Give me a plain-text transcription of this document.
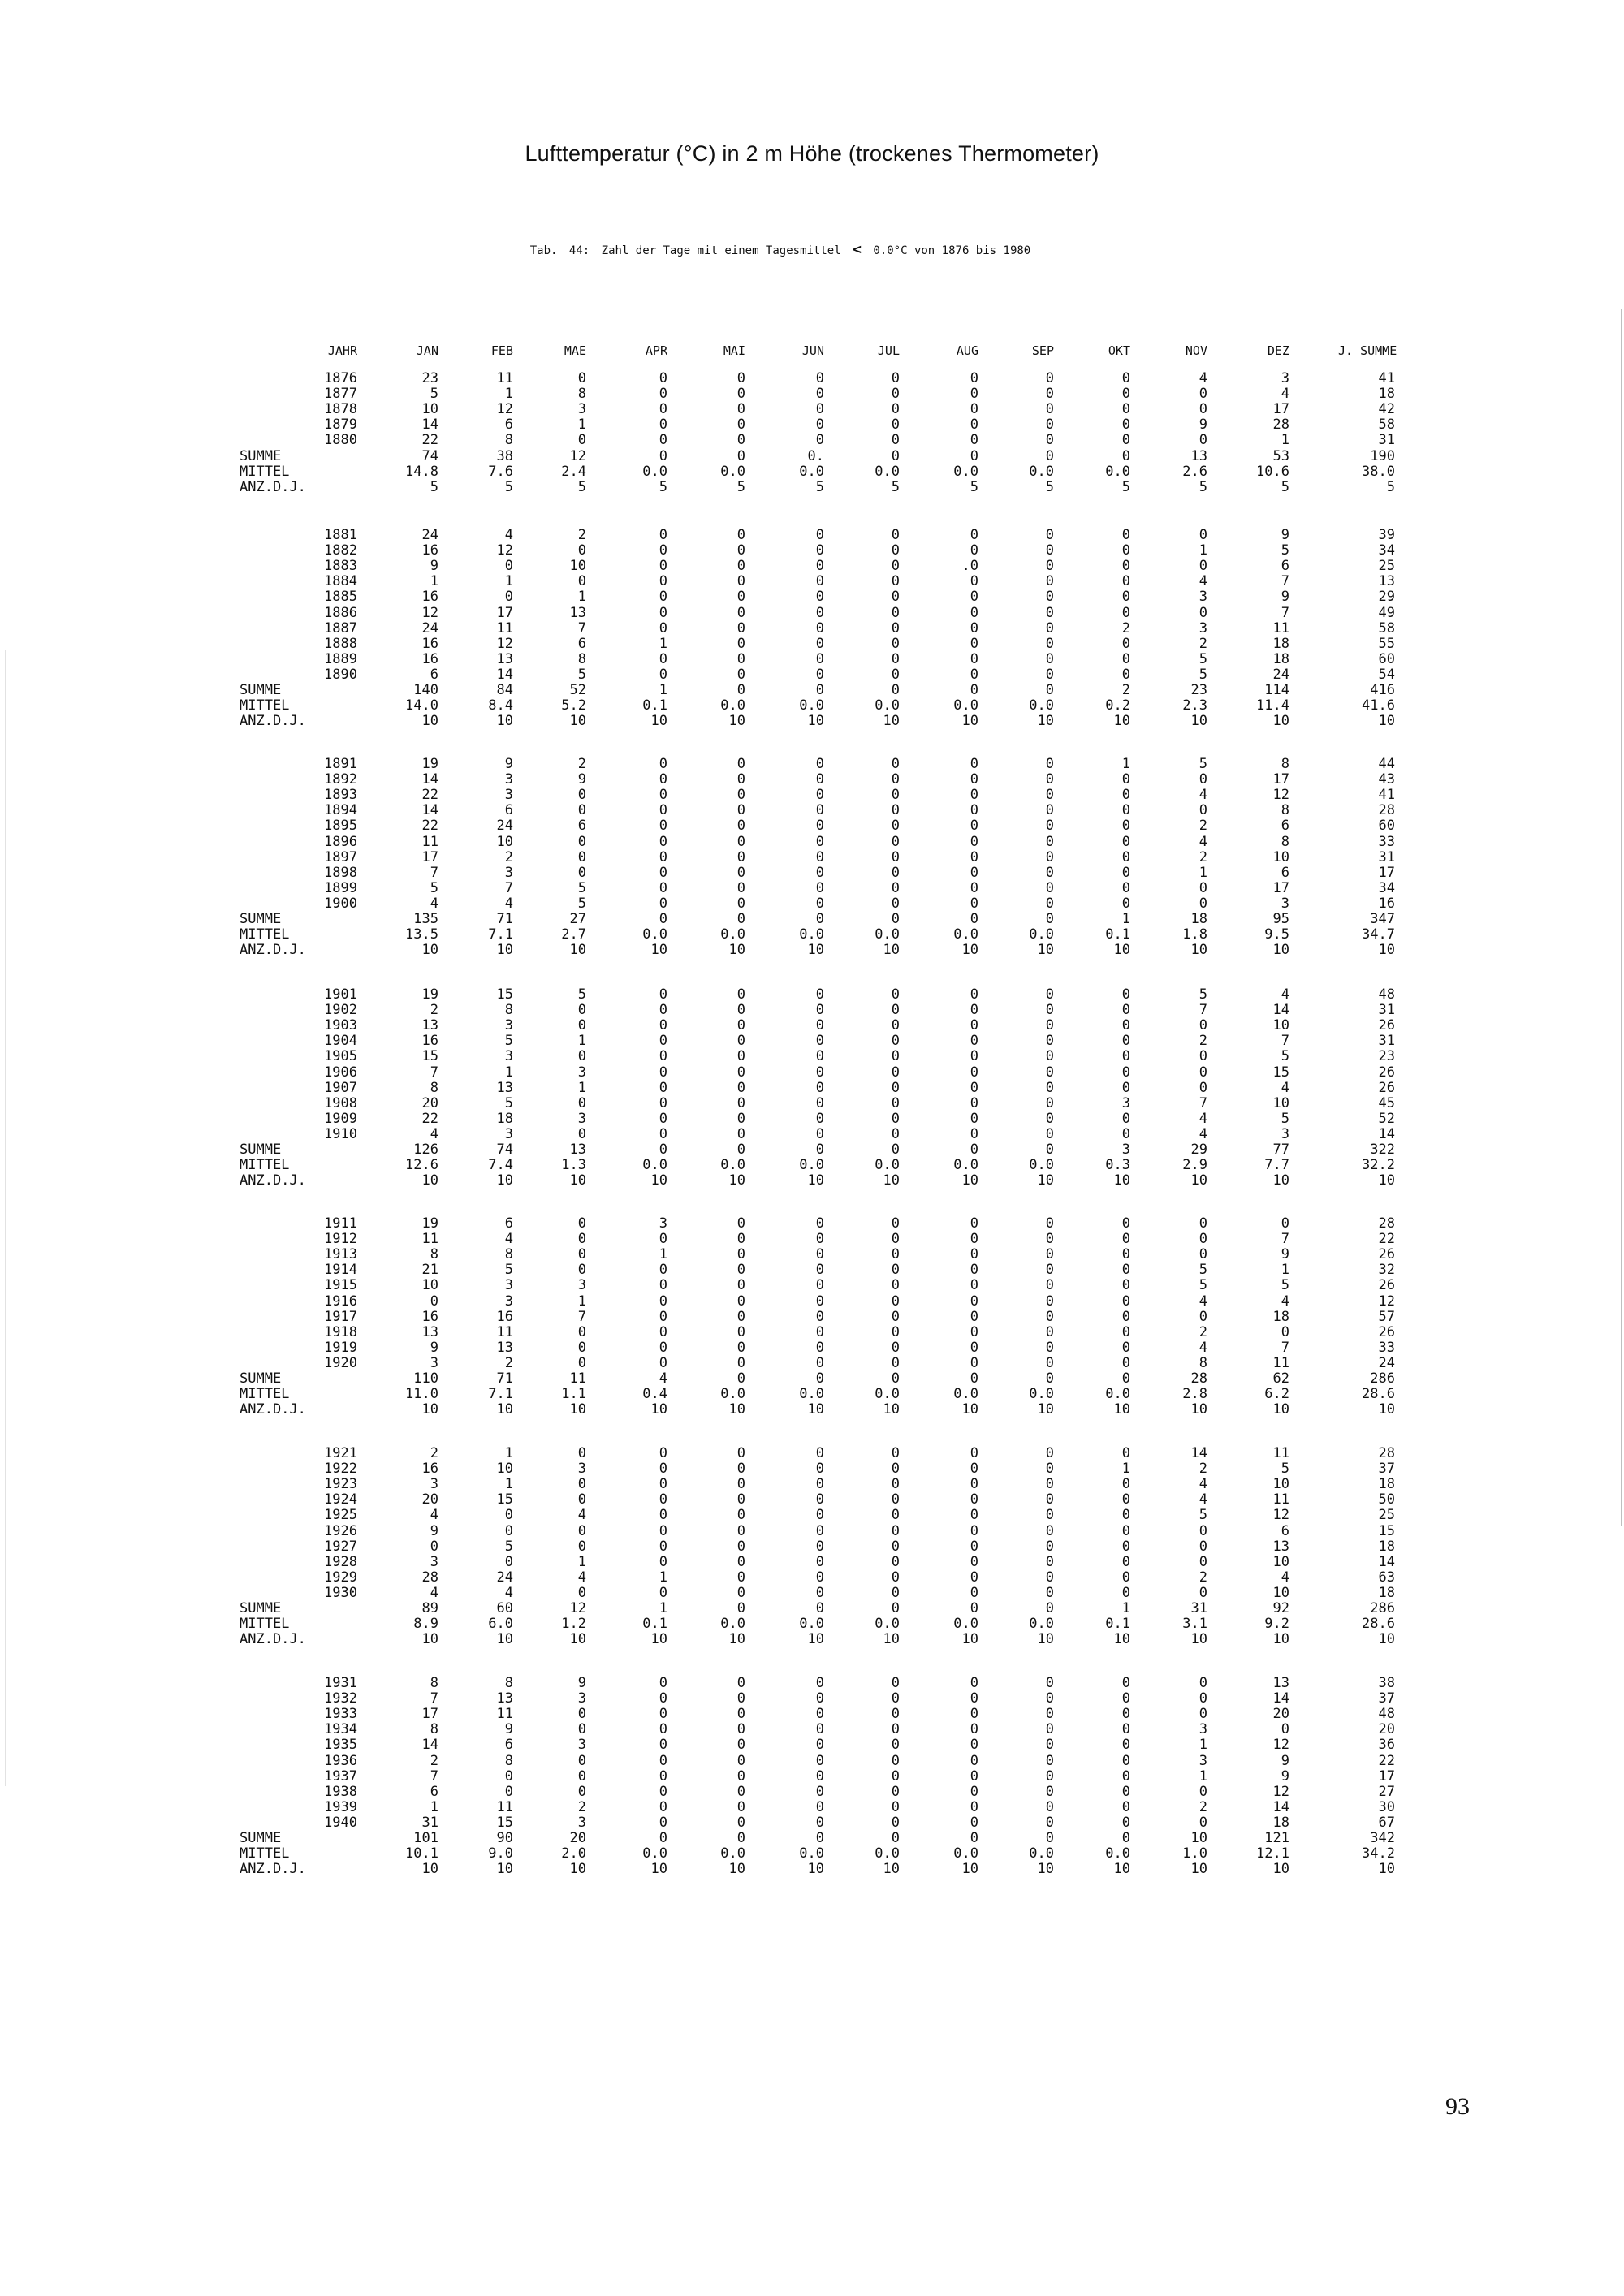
Lufttemperatur (°C) in 2 m Höhe (trockenes Thermometer)
Tab. 44: Zahl der Tage mit einem Tagesmittel < 0.0°C von 1876 bis 1980
JAHR	JAN	FEB	MAE	APR	MAI	JUN	JUL	AUG	SEP	OKT	NOV	DEZ	J. SUMME
1876	23	11	0	0	0	0	0	0	0	0	4	3	41
1877	5	1	8	0	0	0	0	0	0	0	0	4	18
1878	10	12	3	0	0	0	0	0	0	0	0	17	42
1879	14	6	1	0	0	0	0	0	0	0	9	28	58
1880	22	8	0	0	0	0	0	0	0	0	0	1	31
SUMME	74	38	12	0	0	0.	0	0	0	0	13	53	190
MITTEL	14.8	7.6	2.4	0.0	0.0	0.0	0.0	0.0	0.0	0.0	2.6	10.6	38.0
ANZ.D.J.	5	5	5	5	5	5	5	5	5	5	5	5	5
1881	24	4	2	0	0	0	0	0	0	0	0	9	39
1882	16	12	0	0	0	0	0	0	0	0	1	5	34
1883	9	0	10	0	0	0	0	.0	0	0	0	6	25
1884	1	1	0	0	0	0	0	0	0	0	4	7	13
1885	16	0	1	0	0	0	0	0	0	0	3	9	29
1886	12	17	13	0	0	0	0	0	0	0	0	7	49
1887	24	11	7	0	0	0	0	0	0	2	3	11	58
1888	16	12	6	1	0	0	0	0	0	0	2	18	55
1889	16	13	8	0	0	0	0	0	0	0	5	18	60
1890	6	14	5	0	0	0	0	0	0	0	5	24	54
SUMME	140	84	52	1	0	0	0	0	0	2	23	114	416
MITTEL	14.0	8.4	5.2	0.1	0.0	0.0	0.0	0.0	0.0	0.2	2.3	11.4	41.6
ANZ.D.J.	10	10	10	10	10	10	10	10	10	10	10	10	10
1891	19	9	2	0	0	0	0	0	0	1	5	8	44
1892	14	3	9	0	0	0	0	0	0	0	0	17	43
1893	22	3	0	0	0	0	0	0	0	0	4	12	41
1894	14	6	0	0	0	0	0	0	0	0	0	8	28
1895	22	24	6	0	0	0	0	0	0	0	2	6	60
1896	11	10	0	0	0	0	0	0	0	0	4	8	33
1897	17	2	0	0	0	0	0	0	0	0	2	10	31
1898	7	3	0	0	0	0	0	0	0	0	1	6	17
1899	5	7	5	0	0	0	0	0	0	0	0	17	34
1900	4	4	5	0	0	0	0	0	0	0	0	3	16
SUMME	135	71	27	0	0	0	0	0	0	1	18	95	347
MITTEL	13.5	7.1	2.7	0.0	0.0	0.0	0.0	0.0	0.0	0.1	1.8	9.5	34.7
ANZ.D.J.	10	10	10	10	10	10	10	10	10	10	10	10	10
1901	19	15	5	0	0	0	0	0	0	0	5	4	48
1902	2	8	0	0	0	0	0	0	0	0	7	14	31
1903	13	3	0	0	0	0	0	0	0	0	0	10	26
1904	16	5	1	0	0	0	0	0	0	0	2	7	31
1905	15	3	0	0	0	0	0	0	0	0	0	5	23
1906	7	1	3	0	0	0	0	0	0	0	0	15	26
1907	8	13	1	0	0	0	0	0	0	0	0	4	26
1908	20	5	0	0	0	0	0	0	0	3	7	10	45
1909	22	18	3	0	0	0	0	0	0	0	4	5	52
1910	4	3	0	0	0	0	0	0	0	0	4	3	14
SUMME	126	74	13	0	0	0	0	0	0	3	29	77	322
MITTEL	12.6	7.4	1.3	0.0	0.0	0.0	0.0	0.0	0.0	0.3	2.9	7.7	32.2
ANZ.D.J.	10	10	10	10	10	10	10	10	10	10	10	10	10
1911	19	6	0	3	0	0	0	0	0	0	0	0	28
1912	11	4	0	0	0	0	0	0	0	0	0	7	22
1913	8	8	0	1	0	0	0	0	0	0	0	9	26
1914	21	5	0	0	0	0	0	0	0	0	5	1	32
1915	10	3	3	0	0	0	0	0	0	0	5	5	26
1916	0	3	1	0	0	0	0	0	0	0	4	4	12
1917	16	16	7	0	0	0	0	0	0	0	0	18	57
1918	13	11	0	0	0	0	0	0	0	0	2	0	26
1919	9	13	0	0	0	0	0	0	0	0	4	7	33
1920	3	2	0	0	0	0	0	0	0	0	8	11	24
SUMME	110	71	11	4	0	0	0	0	0	0	28	62	286
MITTEL	11.0	7.1	1.1	0.4	0.0	0.0	0.0	0.0	0.0	0.0	2.8	6.2	28.6
ANZ.D.J.	10	10	10	10	10	10	10	10	10	10	10	10	10
1921	2	1	0	0	0	0	0	0	0	0	14	11	28
1922	16	10	3	0	0	0	0	0	0	1	2	5	37
1923	3	1	0	0	0	0	0	0	0	0	4	10	18
1924	20	15	0	0	0	0	0	0	0	0	4	11	50
1925	4	0	4	0	0	0	0	0	0	0	5	12	25
1926	9	0	0	0	0	0	0	0	0	0	0	6	15
1927	0	5	0	0	0	0	0	0	0	0	0	13	18
1928	3	0	1	0	0	0	0	0	0	0	0	10	14
1929	28	24	4	1	0	0	0	0	0	0	2	4	63
1930	4	4	0	0	0	0	0	0	0	0	0	10	18
SUMME	89	60	12	1	0	0	0	0	0	1	31	92	286
MITTEL	8.9	6.0	1.2	0.1	0.0	0.0	0.0	0.0	0.0	0.1	3.1	9.2	28.6
ANZ.D.J.	10	10	10	10	10	10	10	10	10	10	10	10	10
1931	8	8	9	0	0	0	0	0	0	0	0	13	38
1932	7	13	3	0	0	0	0	0	0	0	0	14	37
1933	17	11	0	0	0	0	0	0	0	0	0	20	48
1934	8	9	0	0	0	0	0	0	0	0	3	0	20
1935	14	6	3	0	0	0	0	0	0	0	1	12	36
1936	2	8	0	0	0	0	0	0	0	0	3	9	22
1937	7	0	0	0	0	0	0	0	0	0	1	9	17
1938	6	0	0	0	0	0	0	0	0	0	0	12	27
1939	1	11	2	0	0	0	0	0	0	0	2	14	30
1940	31	15	3	0	0	0	0	0	0	0	0	18	67
SUMME	101	90	20	0	0	0	0	0	0	0	10	121	342
MITTEL	10.1	9.0	2.0	0.0	0.0	0.0	0.0	0.0	0.0	0.0	1.0	12.1	34.2
ANZ.D.J.	10	10	10	10	10	10	10	10	10	10	10	10	10
93
